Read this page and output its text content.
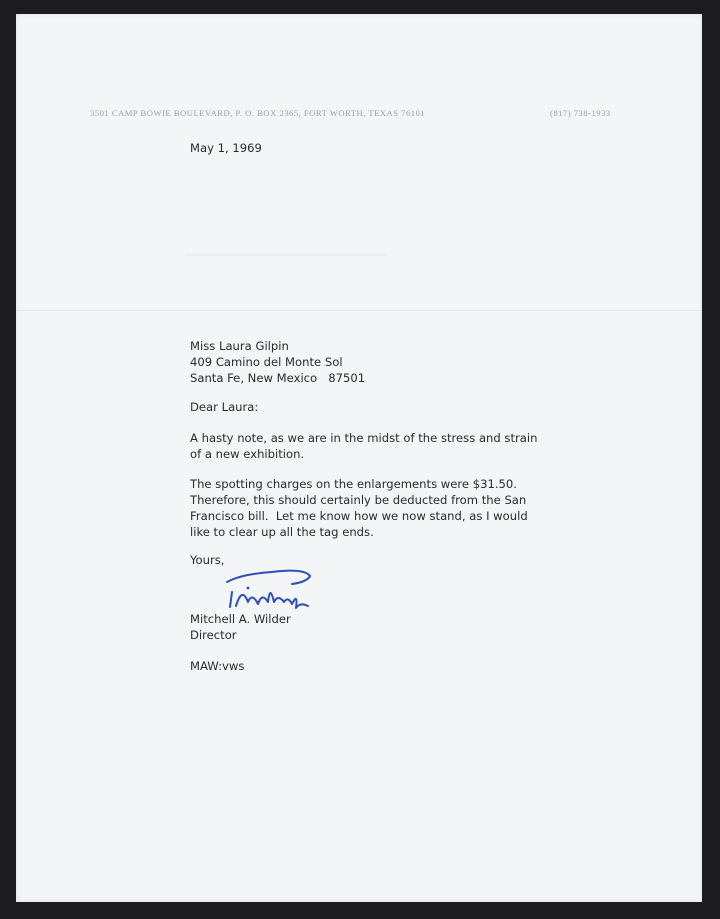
3501 CAMP BOWIE BOULEVARD, P. O. BOX 2365, FORT WORTH, TEXAS 76101	(817) 738-1933
May 1, 1969
Miss Laura Gilpin
409 Camino del Monte Sol
Santa Fe, New Mexico   87501
Dear Laura:
A hasty note, as we are in the midst of the stress and strain
of a new exhibition.
The spotting charges on the enlargements were $31.50.
Therefore, this should certainly be deducted from the San
Francisco bill.  Let me know how we now stand, as I would
like to clear up all the tag ends.
Yours,
Mitchell A. Wilder
Director
MAW:vws
